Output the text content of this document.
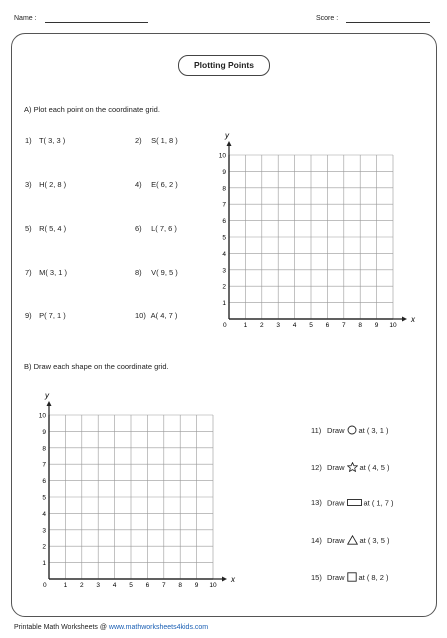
Name :	Score :
Plotting Points
A) Plot each point on the coordinate grid.
1) T( 3, 3 )	2) S( 1, 8 )
3) H( 2, 8 )	4) E( 6, 2 )
5) R( 5, 4 )	6) L( 7, 6 )
7) M( 3, 1 )	8) V( 9, 5 )
9) P( 7, 1 )	10) A( 4, 7 )
0	1
1
2
2
3
3
4
4
5
5
6
6
7
7
8
8
9
9
10
10
x
y
B) Draw each shape on the coordinate grid.
0	1
1
2
2
3
3
4
4
5
5
6
6
7
7
8
8
9
9
10
10
x
y
11) Draw at ( 3, 1 )
12) Draw at ( 4, 5 )
13) Draw	at ( 1, 7 )
14) Draw at ( 3, 5 )
15) Draw at ( 8, 2 )
Printable Math Worksheets @ www.mathworksheets4kids.com
